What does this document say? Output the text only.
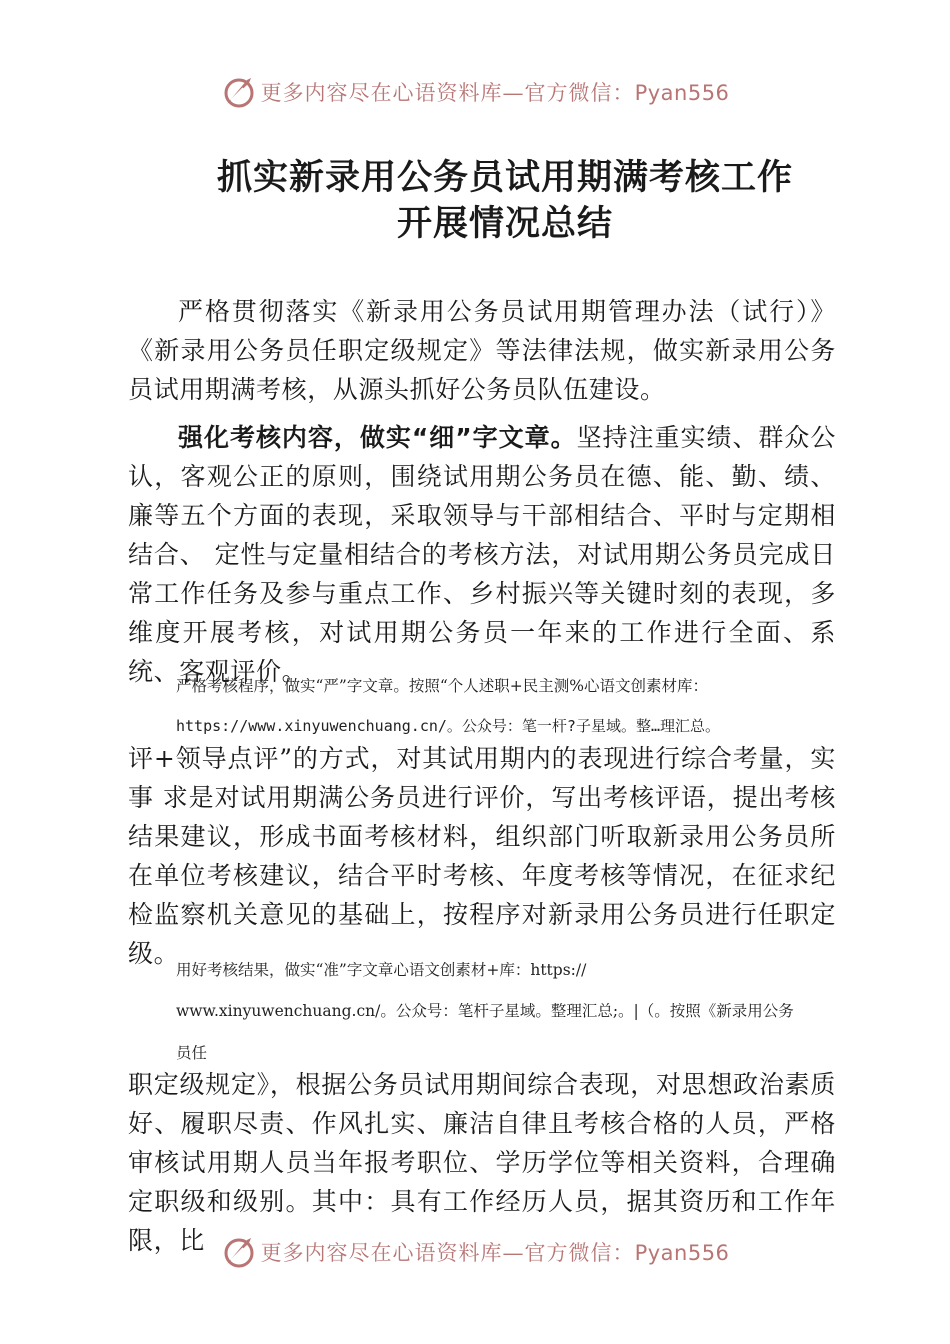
更多内容尽在心语资料库—官方微信：Pyan556
抓实新录用公务员试用期满考核工作
开展情况总结

严格贯彻落实《新录用公务员试用期管理办法（试行）》《新录用公务员任职定级规定》等法律法规，做实新录用公务员试用期满考核，从源头抓好公务员队伍建设。

强化考核内容，做实“细”字文章。坚持注重实绩、群众公认，客观公正的原则，围绕试用期公务员在德、能、勤、绩、廉等五个方面的表现，采取领导与干部相结合、平时与定期相结合、 定性与定量相结合的考核方法，对试用期公务员完成日常工作任务及参与重点工作、乡村振兴等关键时刻的表现，多维度开展考核，对试用期公务员一年来的工作进行全面、系统、客观评价。

严格考核程序，做实“严”字文章。按照“个人述职+民主测%心语文创素材库：

https://www.xinyuwenchuang.cn/。公众号：笔一杆?子星域。整…理汇总。

评+领导点评”的方式，对其试用期内的表现进行综合考量，实事 求是对试用期满公务员进行评价，写出考核评语，提出考核结果建议，形成书面考核材料，组织部门听取新录用公务员所在单位考核建议，结合平时考核、年度考核等情况，在征求纪检监察机关意见的基础上，按程序对新录用公务员进行任职定级。

用好考核结果，做实“准”字文章心语文创素材+库：https://

www.xinyuwenchuang.cn/。公众号：笔杆子星域。整理汇总;。|（。按照《新录用公务

员任

职定级规定》，根据公务员试用期间综合表现，对思想政治素质好、履职尽责、作风扎实、廉洁自律且考核合格的人员，严格审核试用期人员当年报考职位、学历学位等相关资料，合理确定职级和级别。其中：具有工作经历人员，据其资历和工作年限，比	更多内容尽在心语资料库—官方微信：Pyan556
